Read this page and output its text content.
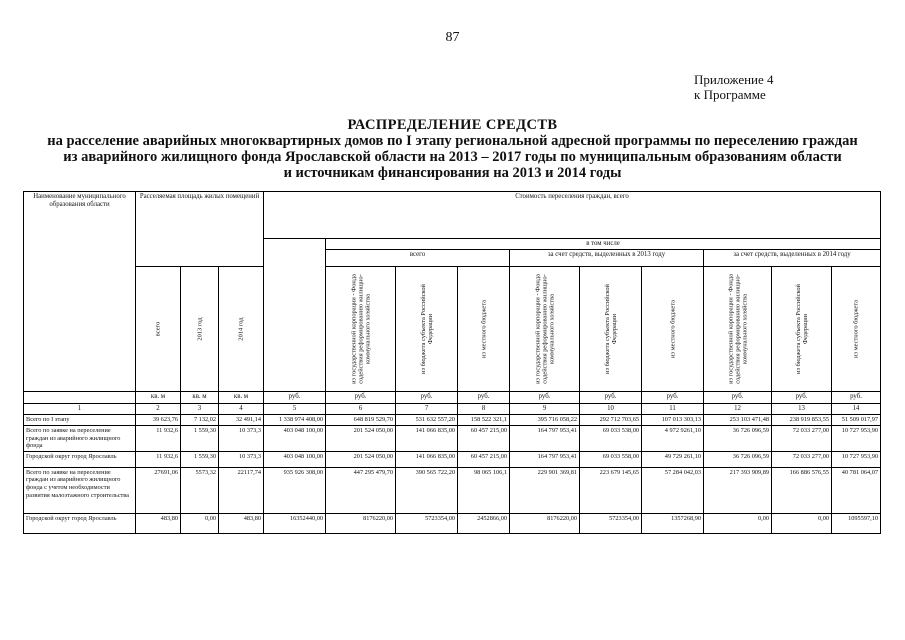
87
Приложение 4
к Программе
РАСПРЕДЕЛЕНИЕ СРЕДСТВ
на расселение аварийных многоквартирных домов по I этапу региональной адресной программы по переселению граждан
из аварийного жилищного фонда Ярославской области на 2013 – 2017 годы по муниципальным образованиям области
и источникам финансирования на 2013 и 2014 годы
Наименование муниципального образования области	Расселяемая площадь жилых помещений			Стоимость переселения граждан, всего									
					в том числе								
					всего			за счет средств, выделенных в 2013 году			за счет средств, выделенных в 2014 году		

	всего	2013 год	2014 год		из государственной корпорации - Фонда содействия реформированию жилищно-коммунального хозяйства	из бюджета субъекта Российской Федерации	из местного бюджета	из государственной корпорации - Фонда содействия реформированию жилищно-коммунального хозяйства	из бюджета субъекта Российской Федерации	из местного бюджета	из государственной корпорации - Фонда содействия реформированию жилищно-коммунального хозяйства	из бюджета субъекта Российской Федерации	из местного бюджета

	кв. м	кв. м	кв. м	руб.	руб.	руб.	руб.	руб.	руб.	руб.	руб.	руб.	руб.
1	2	3	4	5	6	7	8	9	10	11	12	13	14
Всего по I этапу	39 623,76	7 132,02	32 491,14	1 338 974 408,00	648 819 529,70	531 632 557,20	158 522 321,1	395 716 058,22	292 712 703,65	107 013 303,13	253 103 471,48	238 919 853,55	51 509 017,97
Всего по заявке на переселение граждан из аварийного жилищного фонда	11 932,6	1 559,30	10 373,3	403 048 100,00	201 524 050,00	141 066 835,00	60 457 215,00	164 797 953,41	69 033 538,00	4 972 9261,10	36 726 096,59	72 033 277,00	10 727 953,90
Городской округ город Ярославль	11 932,6	1 559,30	10 373,3	403 048 100,00	201 524 050,00	141 066 835,00	60 457 215,00	164 797 953,41	69 033 558,00	49 729 261,10	36 726 096,59	72 033 277,00	10 727 953,90
Всего по заявке на переселение граждан из аварийного жилищного фонда с учетом необходимости развития малоэтажного строительства	27691,06	5573,32	22117,74	935 926 308,00	447 295 479,70	390 565 722,20	98 065 106,1	229 901 369,81	223 679 145,65	57 284 042,03	217 393 909,89	166 886 576,55	40 781 064,07
Городской округ город Ярославль	483,80	0,00	483,80	16352440,00	8176220,00	5723354,00	2452866,00	8176220,00	5723354,00	1357268,90	0,00	0,00	1095597,10
